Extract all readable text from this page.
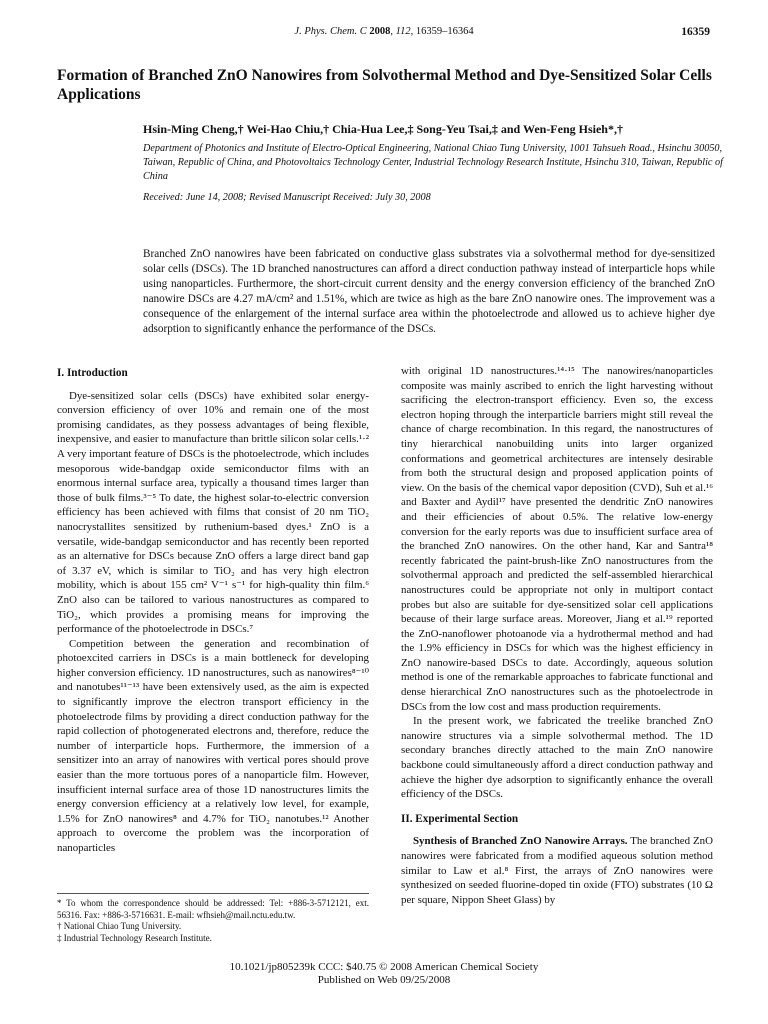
J. Phys. Chem. C 2008, 112, 16359–16364	16359
Formation of Branched ZnO Nanowires from Solvothermal Method and Dye-Sensitized Solar Cells Applications
Hsin-Ming Cheng,† Wei-Hao Chiu,† Chia-Hua Lee,‡ Song-Yeu Tsai,‡ and Wen-Feng Hsieh*,†
Department of Photonics and Institute of Electro-Optical Engineering, National Chiao Tung University, 1001 Tahsueh Road., Hsinchu 30050, Taiwan, Republic of China, and Photovoltaics Technology Center, Industrial Technology Research Institute, Hsinchu 310, Taiwan, Republic of China
Received: June 14, 2008; Revised Manuscript Received: July 30, 2008
Branched ZnO nanowires have been fabricated on conductive glass substrates via a solvothermal method for dye-sensitized solar cells (DSCs). The 1D branched nanostructures can afford a direct conduction pathway instead of interparticle hops while using nanoparticles. Furthermore, the short-circuit current density and the energy conversion efficiency of the branched ZnO nanowire DSCs are 4.27 mA/cm² and 1.51%, which are twice as high as the bare ZnO nanowire ones. The improvement was a consequence of the enlargement of the internal surface area within the photoelectrode and allowed us to achieve higher dye adsorption to significantly enhance the performance of the DSCs.
I. Introduction

Dye-sensitized solar cells (DSCs) have exhibited solar energy-conversion efficiency of over 10% and remain one of the most promising candidates, as they possess advantages of being flexible, inexpensive, and easier to manufacture than brittle silicon solar cells.¹·² A very important feature of DSCs is the photoelectrode, which includes mesoporous wide-bandgap oxide semiconductor films with an enormous internal surface area, typically a thousand times larger than those of bulk films.³⁻⁵ To date, the highest solar-to-electric conversion efficiency has been achieved with films that consist of 20 nm TiO₂ nanocrystallites sensitized by ruthenium-based dyes.¹ ZnO is a versatile, wide-bandgap semiconductor and has recently been reported as an alternative for DSCs because ZnO offers a large direct band gap of 3.37 eV, which is similar to TiO₂ and has very high electron mobility, which is about 155 cm² V⁻¹ s⁻¹ for high-quality thin film.⁶ ZnO also can be tailored to various nanostructures as compared to TiO₂, which provides a promising means for improving the performance of the photoelectrode in DSCs.⁷

Competition between the generation and recombination of photoexcited carriers in DSCs is a main bottleneck for developing higher conversion efficiency. 1D nanostructures, such as nanowires⁸⁻¹⁰ and nanotubes¹¹⁻¹³ have been extensively used, as the aim is expected to significantly improve the electron transport efficiency in the photoelectrode films by providing a direct conduction pathway for the rapid collection of photogenerated electrons and, therefore, reduce the number of interparticle hops. Furthermore, the immersion of a sensitizer into an array of nanowires with vertical pores should prove easier than the more tortuous pores of a nanoparticle film. However, insufficient internal surface area of those 1D nanostructures limits the energy conversion efficiency at a relatively low level, for example, 1.5% for ZnO nanowires⁸ and 4.7% for TiO₂ nanotubes.¹² Another approach to overcome the problem was the incorporation of nanoparticles

with original 1D nanostructures.¹⁴·¹⁵ The nanowires/nanoparticles composite was mainly ascribed to enrich the light harvesting without sacrificing the electron-transport efficiency. Even so, the excess electron hoping through the interparticle barriers might still reveal the chance of charge recombination. In this regard, the nanostructures of tiny hierarchical nanobuilding units into larger organized conformations and geometrical architectures are intensely desirable from both the structural design and proposed application points of view. On the basis of the chemical vapor deposition (CVD), Suh et al.¹⁶ and Baxter and Aydil¹⁷ have presented the dendritic ZnO nanowires and their efficiencies of about 0.5%. The relative low-energy conversion for the early reports was due to insufficient surface area of the branched ZnO nanowires. On the other hand, Kar and Santra¹⁸ recently fabricated the paint-brush-like ZnO nanostructures from the solvothermal approach and predicted the self-assembled hierarchical nanostructures could be appropriate not only in multiport contact probes but also are suitable for dye-sensitized solar cell applications because of their large surface areas. Moreover, Jiang et al.¹⁹ reported the ZnO-nanoflower photoanode via a hydrothermal method and had the 1.9% efficiency in DSCs for which was the highest efficiency in ZnO nanowire-based DSCs to date. Accordingly, aqueous solution method is one of the remarkable approaches to fabricate functional and dense hierarchical ZnO nanostructures such as the photoelectrode in DSCs from the low cost and mass production requirements.

In the present work, we fabricated the treelike branched ZnO nanowire structures via a simple solvothermal method. The 1D secondary branches directly attached to the main ZnO nanowire backbone could simultaneously afford a direct conduction pathway and achieve the higher dye adsorption to significantly enhance the overall efficiency of the DSCs.

II. Experimental Section

Synthesis of Branched ZnO Nanowire Arrays. The branched ZnO nanowires were fabricated from a modified aqueous solution method similar to Law et al.⁸ First, the arrays of ZnO nanowires were synthesized on seeded fluorine-doped tin oxide (FTO) substrates (10 Ω per square, Nippon Sheet Glass) by

* To whom the correspondence should be addressed: Tel: +886-3-5712121, ext. 56316. Fax: +886-3-5716631. E-mail: wfhsieh@mail.nctu.edu.tw.
† National Chiao Tung University.
‡ Industrial Technology Research Institute.
10.1021/jp805239k CCC: $40.75 © 2008 American Chemical Society
Published on Web 09/25/2008
